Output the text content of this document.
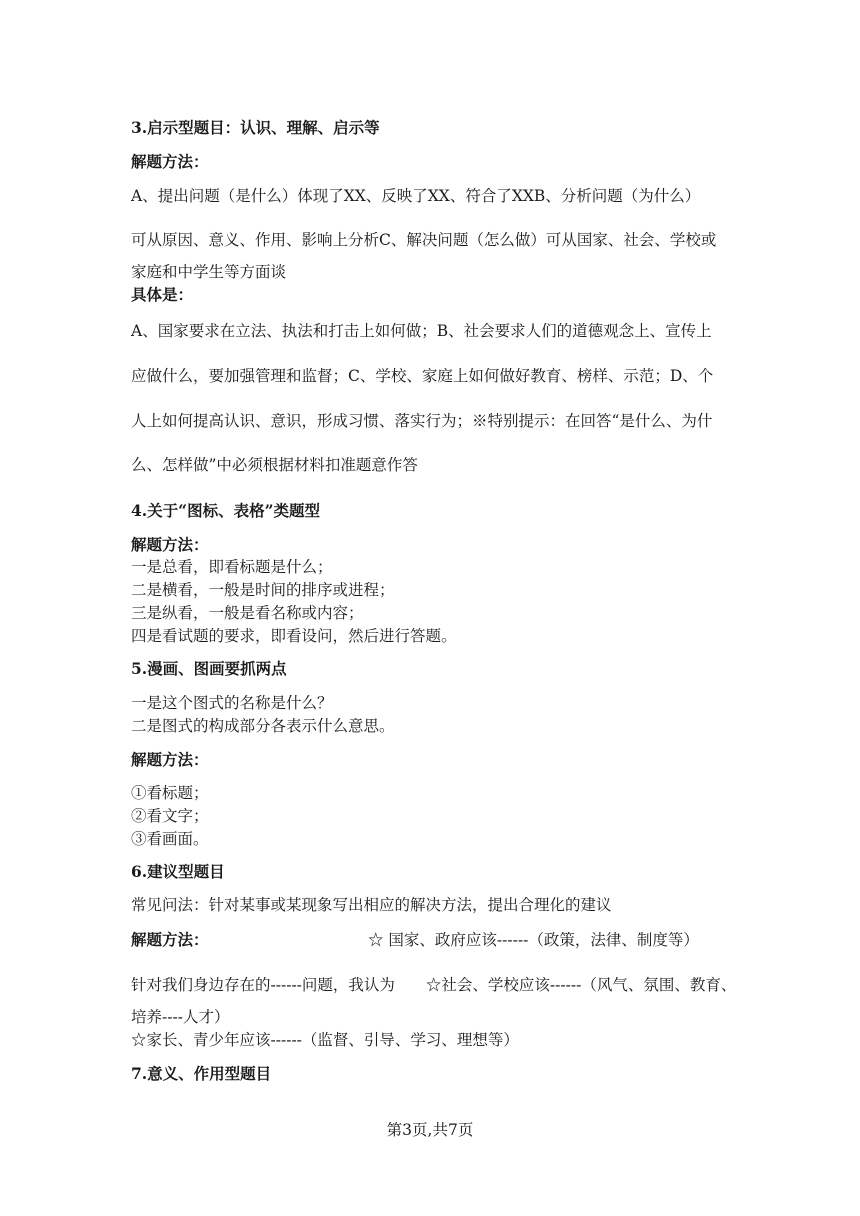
3.启示型题目：认识、理解、启示等
解题方法：
A、提出问题（是什么）体现了XX、反映了XX、符合了XXB、分析问题（为什么）
可从原因、意义、作用、影响上分析C、解决问题（怎么做）可从国家、社会、学校或
家庭和中学生等方面谈
具体是：
A、国家要求在立法、执法和打击上如何做；B、社会要求人们的道德观念上、宣传上
应做什么，要加强管理和监督；C、学校、家庭上如何做好教育、榜样、示范；D、个
人上如何提高认识、意识，形成习惯、落实行为；※特别提示：在回答“是什么、为什
么、怎样做”中必须根据材料扣准题意作答
4.关于“图标、表格”类题型
解题方法：
一是总看，即看标题是什么；
二是横看，一般是时间的排序或进程；
三是纵看，一般是看名称或内容；
四是看试题的要求，即看设问，然后进行答题。
5.漫画、图画要抓两点
一是这个图式的名称是什么？
二是图式的构成部分各表示什么意思。
解题方法：
①看标题；
②看文字；
③看画面。
6.建议型题目
常见问法：针对某事或某现象写出相应的解决方法，提出合理化的建议
解题方法：	☆ 国家、政府应该------（政策，法律、制度等）
针对我们身边存在的------问题，我认为　　☆社会、学校应该------（风气、氛围、教育、
培养----人才）
☆家长、青少年应该------（监督、引导、学习、理想等）
7.意义、作用型题目
第3页,共7页
